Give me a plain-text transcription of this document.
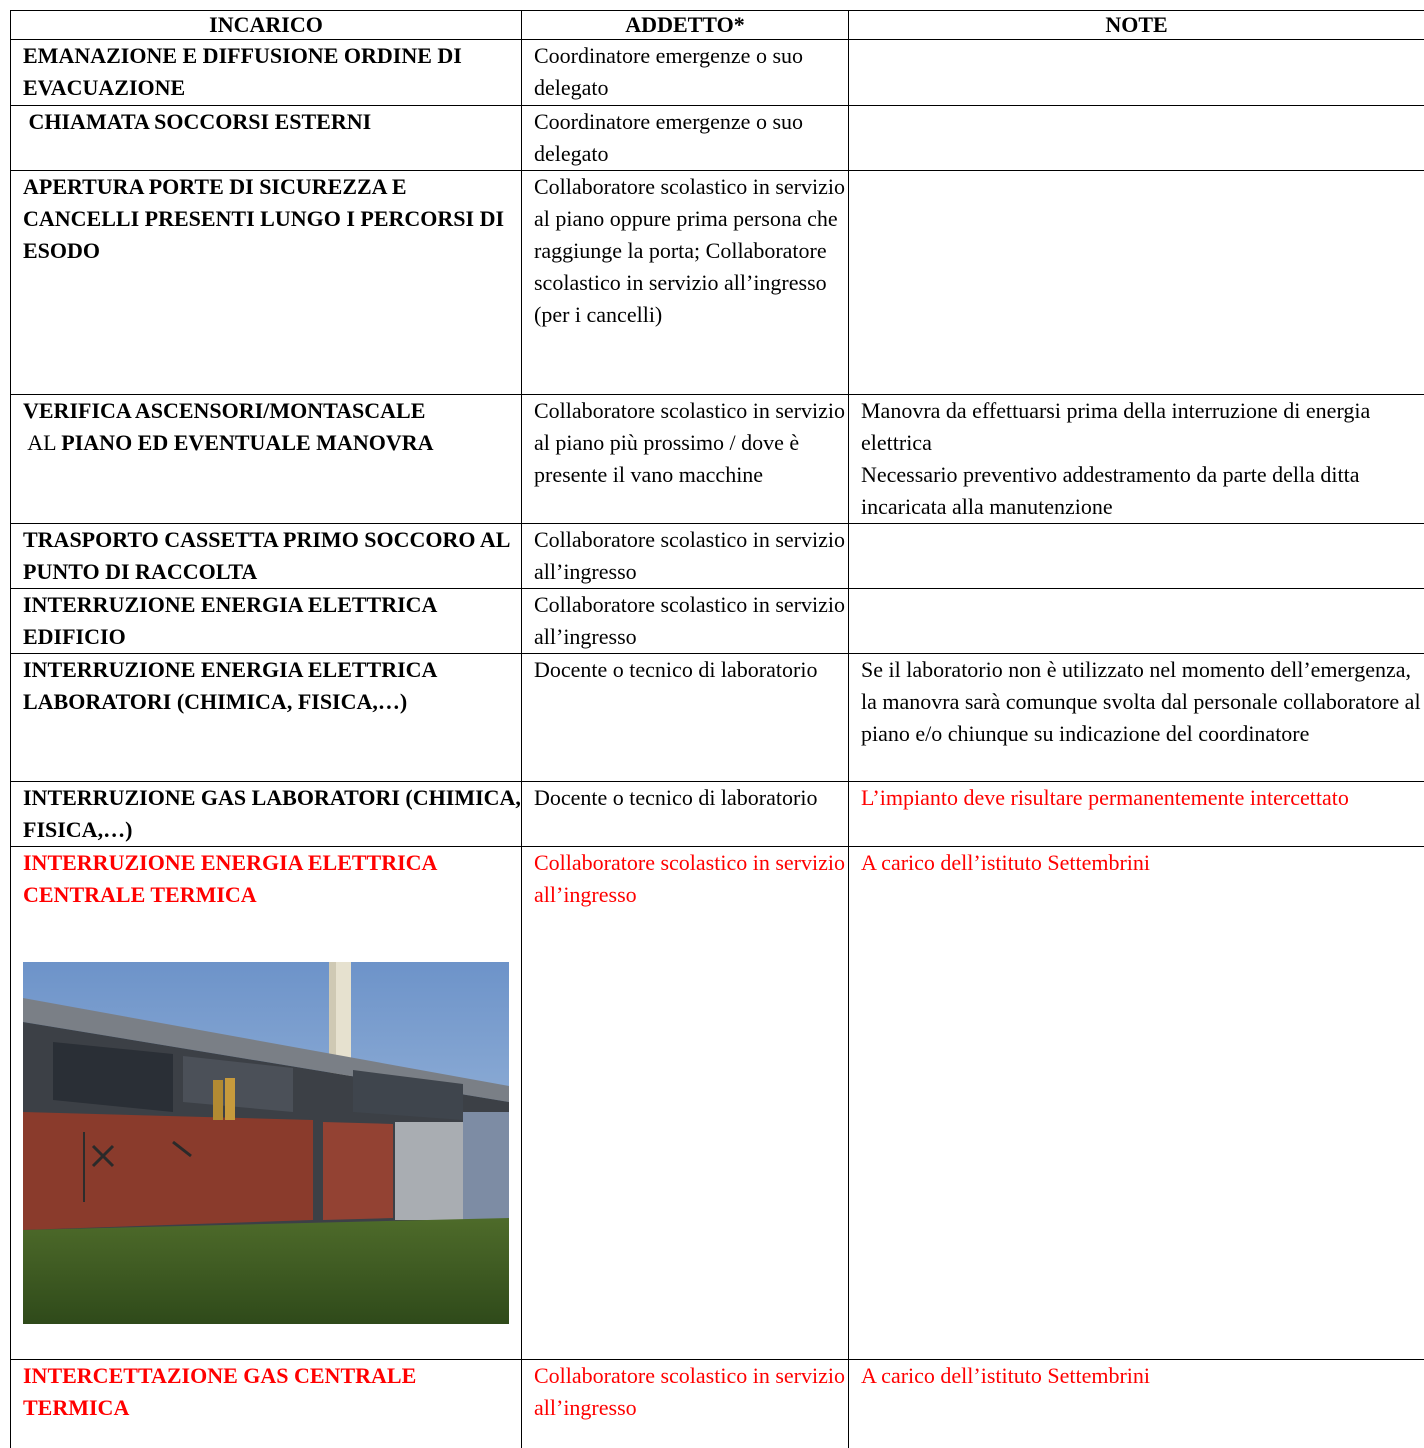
INCARICO	ADDETTO*	NOTE
EMANAZIONE E DIFFUSIONE ORDINE DI EVACUAZIONE	Coordinatore emergenze o suo delegato	
CHIAMATA SOCCORSI ESTERNI	Coordinatore emergenze o suo delegato	
APERTURA PORTE DI SICUREZZA E CANCELLI PRESENTI LUNGO I PERCORSI DI ESODO	Collaboratore scolastico in servizio al piano oppure prima persona che raggiunge la porta; Collaboratore scolastico in servizio all’ingresso (per i cancelli)	
VERIFICA ASCENSORI/MONTASCALE AL PIANO ED EVENTUALE MANOVRA	Collaboratore scolastico in servizio al piano più prossimo / dove è presente il vano macchine	Manovra da effettuarsi prima della interruzione di energia elettrica
Necessario preventivo addestramento da parte della ditta incaricata alla manutenzione

TRASPORTO CASSETTA PRIMO SOCCORO AL PUNTO DI RACCOLTA	Collaboratore scolastico in servizio all’ingresso	
INTERRUZIONE ENERGIA ELETTRICA EDIFICIO	Collaboratore scolastico in servizio all’ingresso	
INTERRUZIONE ENERGIA ELETTRICA LABORATORI (CHIMICA, FISICA,…)	Docente o tecnico di laboratorio	Se il laboratorio non è utilizzato nel momento dell’emergenza, la manovra sarà comunque svolta dal personale collaboratore al piano e/o chiunque su indicazione del coordinatore
INTERRUZIONE GAS LABORATORI (CHIMICA, FISICA,…)	Docente o tecnico di laboratorio	L’impianto deve risultare permanentemente intercettato

INTERRUZIONE ENERGIA ELETTRICA CENTRALE TERMICA	Collaboratore scolastico in servizio all’ingresso	A carico dell’istituto Settembrini
INTERCETTAZIONE GAS CENTRALE TERMICA	Collaboratore scolastico in servizio all’ingresso	A carico dell’istituto Settembrini
